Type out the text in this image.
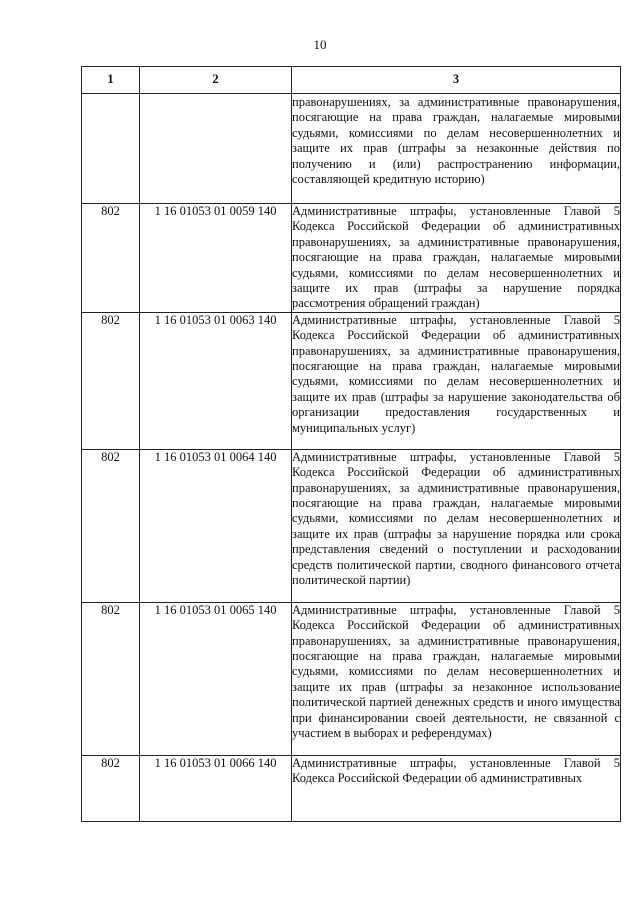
10
1	2	3

		правонарушениях, за административные правонарушения, посягающие на права граждан, налагаемые мировыми судьями, комиссиями по делам несовершеннолетних и защите их прав (штрафы за незаконные действия по получению и (или) распространению информации, составляющей кредитную историю)

802	1 16 01053 01 0059 140	Административные штрафы, установленные Главой 5 Кодекса Российской Федерации об административных правонарушениях, за административные правонарушения, посягающие на права граждан, налагаемые мировыми судьями, комиссиями по делам несовершеннолетних и защите их прав (штрафы за нарушение порядка рассмотрения обращений граждан)

802	1 16 01053 01 0063 140	Административные штрафы, установленные Главой 5 Кодекса Российской Федерации об административных правонарушениях, за административные правонарушения, посягающие на права граждан, налагаемые мировыми судьями, комиссиями по делам несовершеннолетних и защите их прав (штрафы за нарушение законодательства об организации предоставления государственных и муниципальных услуг)

802	1 16 01053 01 0064 140	Административные штрафы, установленные Главой 5 Кодекса Российской Федерации об административных правонарушениях, за административные правонарушения, посягающие на права граждан, налагаемые мировыми судьями, комиссиями по делам несовершеннолетних и защите их прав (штрафы за нарушение порядка или срока представления сведений о поступлении и расходовании средств политической партии, сводного финансового отчета политической партии)

802	1 16 01053 01 0065 140	Административные штрафы, установленные Главой 5 Кодекса Российской Федерации об административных правонарушениях, за административные правонарушения, посягающие на права граждан, налагаемые мировыми судьями, комиссиями по делам несовершеннолетних и защите их прав (штрафы за незаконное использование политической партией денежных средств и иного имущества при финансировании своей деятельности, не связанной с участием в выборах и референдумах)

802	1 16 01053 01 0066 140	Административные штрафы, установленные Главой 5 Кодекса Российской Федерации об административных
